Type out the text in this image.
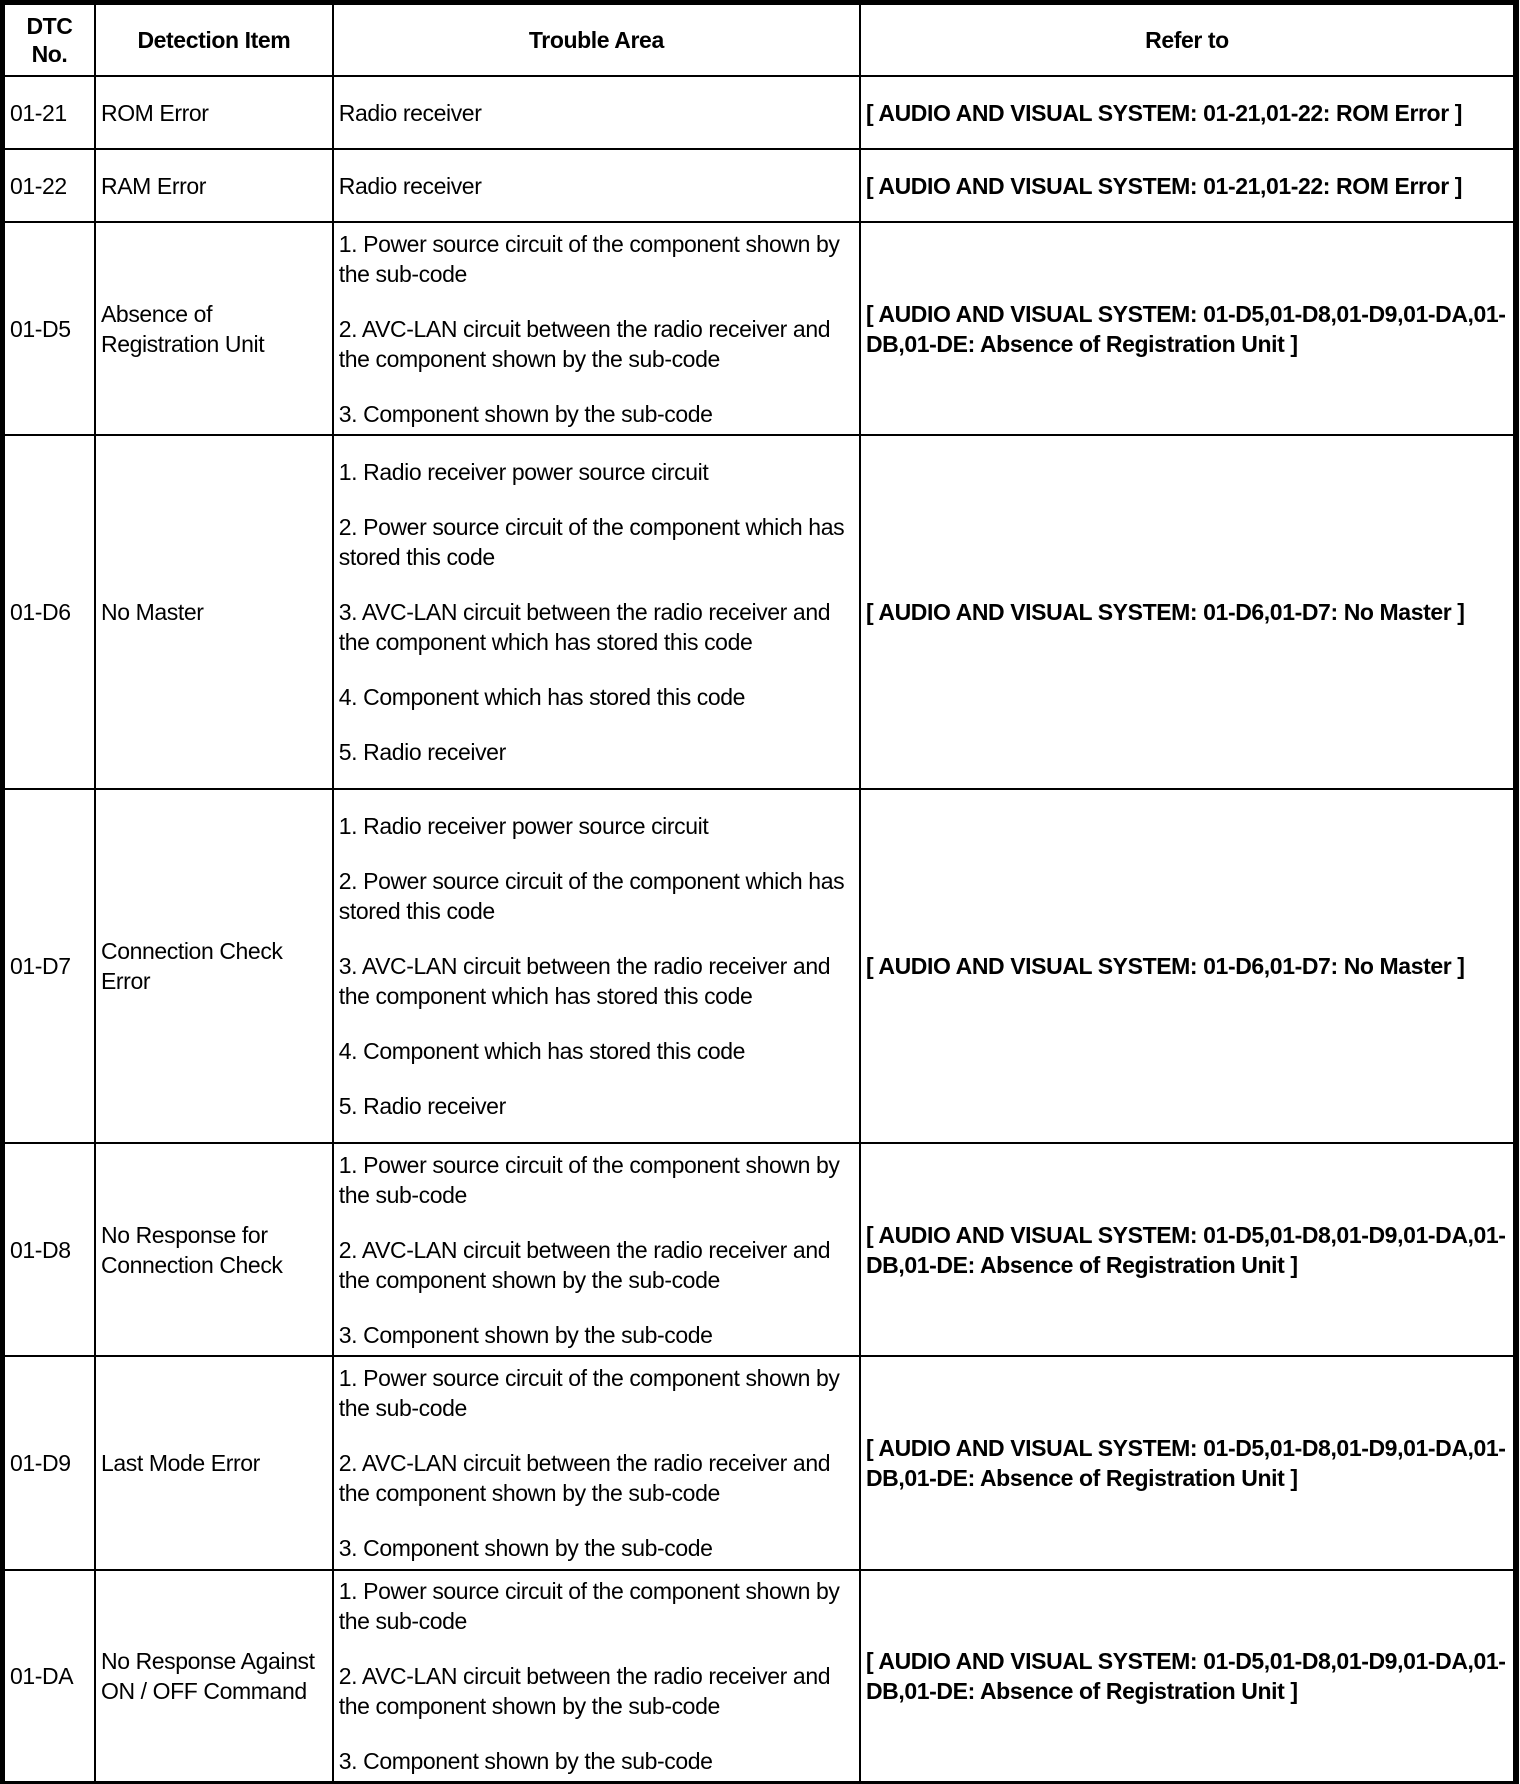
DTC No.	Detection Item	Trouble Area	Refer to
01-21	ROM Error	Radio receiver	[ AUDIO AND VISUAL SYSTEM: 01-21,01-22: ROM Error ]
01-22	RAM Error	Radio receiver	[ AUDIO AND VISUAL SYSTEM: 01-21,01-22: ROM Error ]
01-D5	Absence of Registration Unit	1. Power source circuit of the component shown by the sub-code
2. AVC-LAN circuit between the radio receiver and the component shown by the sub-code
3. Component shown by the sub-code	[ AUDIO AND VISUAL SYSTEM: 01-D5,01-D8,01-D9,01-DA,01-DB,01-DE: Absence of Registration Unit ]
01-D6	No Master	1. Radio receiver power source circuit
2. Power source circuit of the component which has stored this code
3. AVC-LAN circuit between the radio receiver and the component which has stored this code
4. Component which has stored this code
5. Radio receiver	[ AUDIO AND VISUAL SYSTEM: 01-D6,01-D7: No Master ]
01-D7	Connection Check Error	1. Radio receiver power source circuit
2. Power source circuit of the component which has stored this code
3. AVC-LAN circuit between the radio receiver and the component which has stored this code
4. Component which has stored this code
5. Radio receiver	[ AUDIO AND VISUAL SYSTEM: 01-D6,01-D7: No Master ]
01-D8	No Response for Connection Check	1. Power source circuit of the component shown by the sub-code
2. AVC-LAN circuit between the radio receiver and the component shown by the sub-code
3. Component shown by the sub-code	[ AUDIO AND VISUAL SYSTEM: 01-D5,01-D8,01-D9,01-DA,01-DB,01-DE: Absence of Registration Unit ]
01-D9	Last Mode Error	1. Power source circuit of the component shown by the sub-code
2. AVC-LAN circuit between the radio receiver and the component shown by the sub-code
3. Component shown by the sub-code	[ AUDIO AND VISUAL SYSTEM: 01-D5,01-D8,01-D9,01-DA,01-DB,01-DE: Absence of Registration Unit ]
01-DA	No Response Against ON / OFF Command	1. Power source circuit of the component shown by the sub-code
2. AVC-LAN circuit between the radio receiver and the component shown by the sub-code
3. Component shown by the sub-code	[ AUDIO AND VISUAL SYSTEM: 01-D5,01-D8,01-D9,01-DA,01-DB,01-DE: Absence of Registration Unit ]
